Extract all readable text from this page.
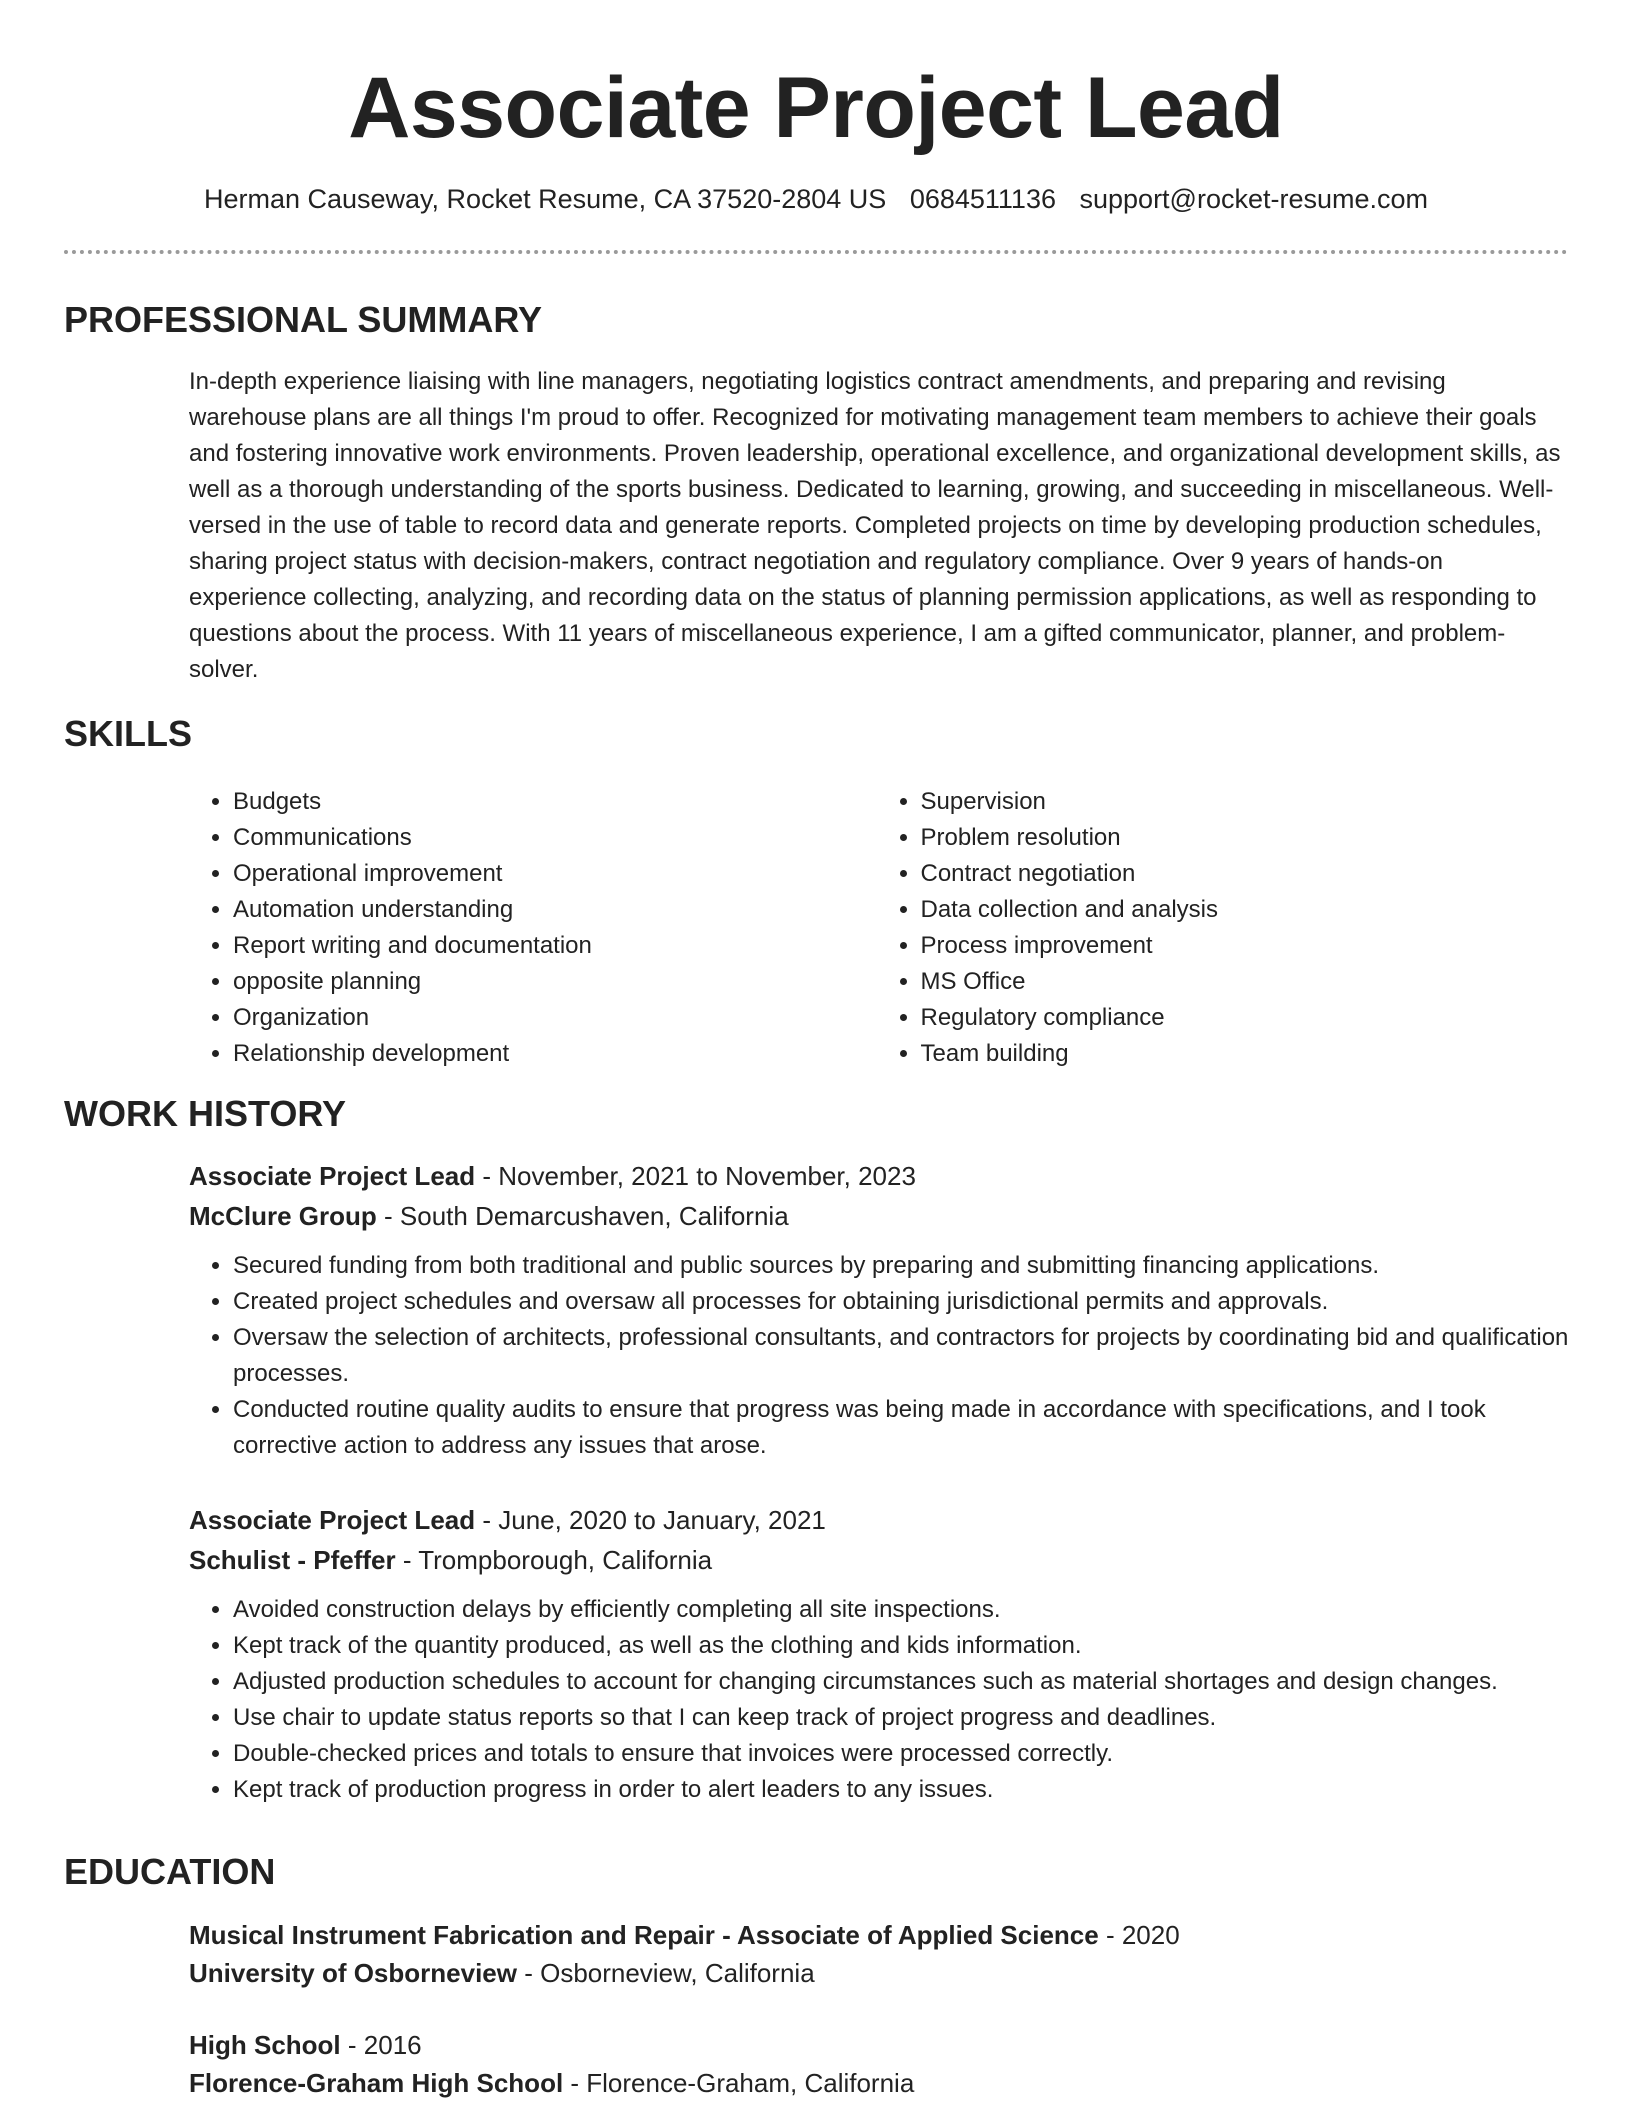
Associate Project Lead
Herman Causeway, Rocket Resume, CA 37520-2804 US 0684511136 support@rocket-resume.com
PROFESSIONAL SUMMARY

In-depth experience liaising with line managers, negotiating logistics contract amendments, and preparing and revising warehouse plans are all things I'm proud to offer. Recognized for motivating management team members to achieve their goals and fostering innovative work environments. Proven leadership, operational excellence, and organizational development skills, as well as a thorough understanding of the sports business. Dedicated to learning, growing, and succeeding in miscellaneous. Well-versed in the use of table to record data and generate reports. Completed projects on time by developing production schedules, sharing project status with decision-makers, contract negotiation and regulatory compliance. Over 9 years of hands-on experience collecting, analyzing, and recording data on the status of planning permission applications, as well as responding to questions about the process. With 11 years of miscellaneous experience, I am a gifted communicator, planner, and problem-solver.

SKILLS
• Budgets
• Communications
• Operational improvement
• Automation understanding
• Report writing and documentation
• opposite planning
• Organization
• Relationship development
• Supervision
• Problem resolution
• Contract negotiation
• Data collection and analysis
• Process improvement
• MS Office
• Regulatory compliance
• Team building
WORK HISTORY
Associate Project Lead - November, 2021 to November, 2023
McClure Group - South Demarcushaven, California
• Secured funding from both traditional and public sources by preparing and submitting financing applications.
• Created project schedules and oversaw all processes for obtaining jurisdictional permits and approvals.
• Oversaw the selection of architects, professional consultants, and contractors for projects by coordinating bid and qualification processes.
• Conducted routine quality audits to ensure that progress was being made in accordance with specifications, and I took corrective action to address any issues that arose.
Associate Project Lead - June, 2020 to January, 2021
Schulist - Pfeffer - Trompborough, California
• Avoided construction delays by efficiently completing all site inspections.
• Kept track of the quantity produced, as well as the clothing and kids information.
• Adjusted production schedules to account for changing circumstances such as material shortages and design changes.
• Use chair to update status reports so that I can keep track of project progress and deadlines.
• Double-checked prices and totals to ensure that invoices were processed correctly.
• Kept track of production progress in order to alert leaders to any issues.
EDUCATION
Musical Instrument Fabrication and Repair - Associate of Applied Science - 2020
University of Osborneview - Osborneview, California
High School - 2016
Florence-Graham High School - Florence-Graham, California
